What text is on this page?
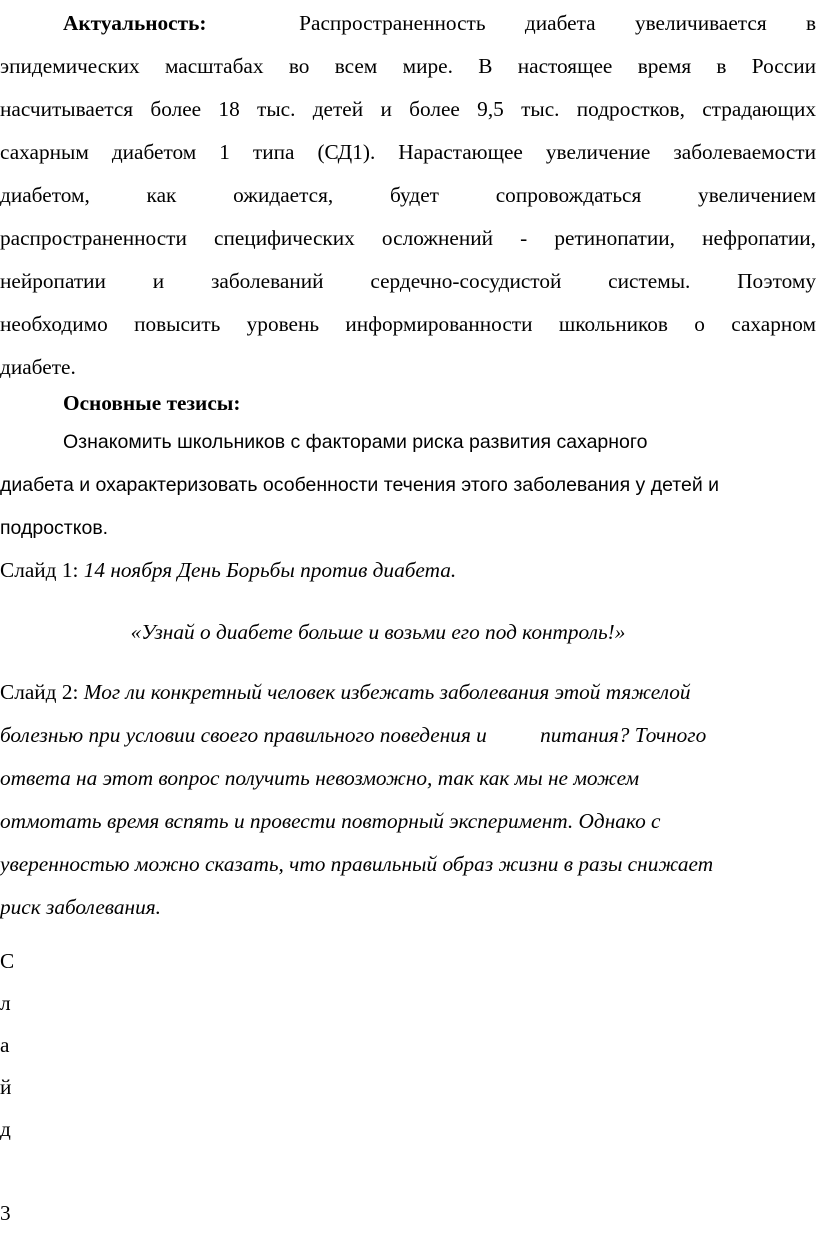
Актуальность:	Распространенность диабета увеличивается в
эпидемических масштабах во всем мире. В настоящее время в России
насчитывается более 18 тыс. детей и более 9,5 тыс. подростков, страдающих
сахарным диабетом 1 типа (СД1). Нарастающее увеличение заболеваемости
диабетом, как ожидается, будет сопровождаться увеличением
распространенности специфических осложнений - ретинопатии, нефропатии,
нейропатии и заболеваний сердечно-сосудистой системы. Поэтому
необходимо повысить уровень информированности школьников о сахарном
диабете.
Основные тезисы:
Ознакомить школьников с факторами риска развития сахарного
диабета и охарактеризовать особенности течения этого заболевания у детей и
подростков.
Слайд 1: 14 ноября День Борьбы против диабета.
«Узнай о диабете больше и возьми его под контроль!»
Слайд 2: Мог ли конкретный человек избежать заболевания этой тяжелой
болезнью при условии своего правильного поведения и          питания? Точного
ответа на этот вопрос получить невозможно, так как мы не можем
отмотать время вспять и провести повторный эксперимент. Однако с
уверенностью можно сказать, что правильный образ жизни в разы снижает
риск заболевания.
С
л
а
й
д
3
